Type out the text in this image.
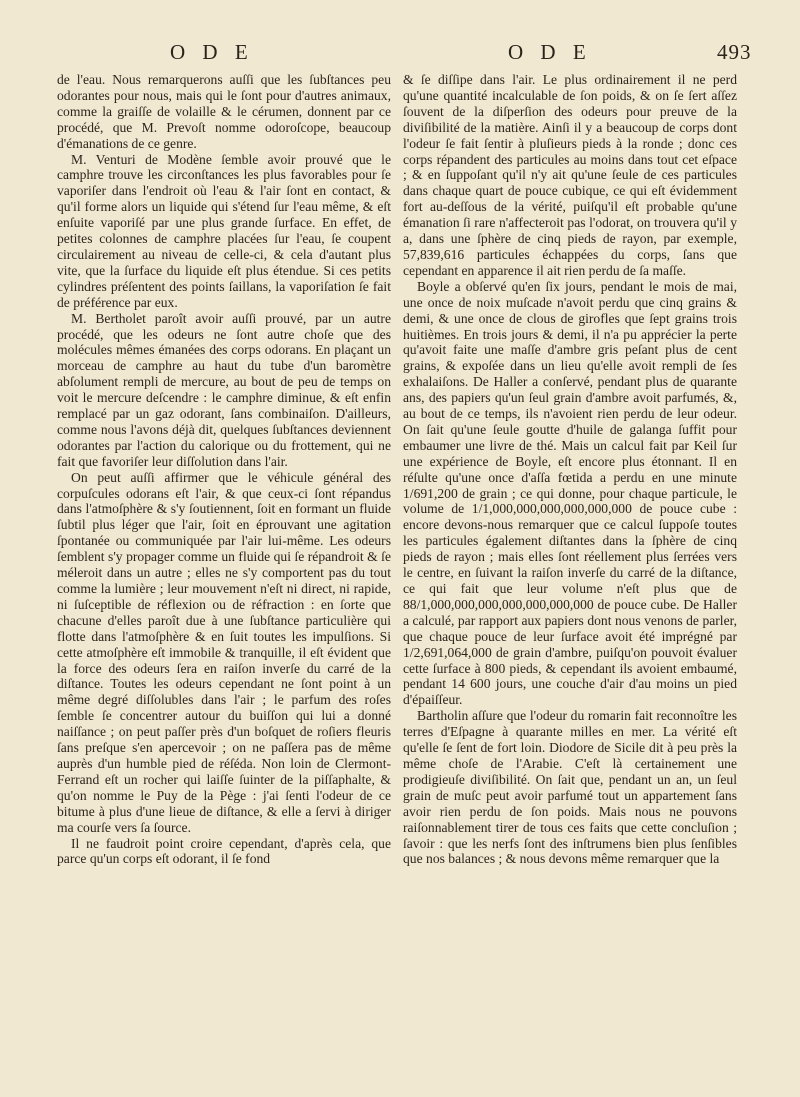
O D E	O D E	493

de l'eau. Nous remarquerons auſſi que les ſubſtances peu odorantes pour nous, mais qui le ſont pour d'autres animaux, comme la graiſſe de volaille & le cérumen, donnent par ce procédé, que M. Prevoſt nomme odoroſcope, beaucoup d'émanations de ce genre.

M. Venturi de Modène ſemble avoir prouvé que le camphre trouve les circonſtances les plus favorables pour ſe vaporiſer dans l'endroit où l'eau & l'air ſont en contact, & qu'il forme alors un liquide qui s'étend ſur l'eau même, & eſt enſuite vaporiſé par une plus grande ſurface. En effet, de petites colonnes de camphre placées ſur l'eau, ſe coupent circulairement au niveau de celle-ci, & cela d'autant plus vite, que la ſurface du liquide eſt plus étendue. Si ces petits cylindres préſentent des points ſaillans, la vaporiſation ſe fait de préférence par eux.

M. Bertholet paroît avoir auſſi prouvé, par un autre procédé, que les odeurs ne ſont autre choſe que des molécules mêmes émanées des corps odorans. En plaçant un morceau de camphre au haut du tube d'un baromètre abſolument rempli de mercure, au bout de peu de temps on voit le mercure deſcendre : le camphre diminue, & eſt enfin remplacé par un gaz odorant, ſans combinaiſon. D'ailleurs, comme nous l'avons déjà dit, quelques ſubſtances deviennent odorantes par l'action du calorique ou du frottement, qui ne fait que favoriſer leur diſſolution dans l'air.

On peut auſſi affirmer que le véhicule général des corpuſcules odorans eſt l'air, & que ceux-ci ſont répandus dans l'atmoſphère & s'y ſoutiennent, ſoit en formant un fluide ſubtil plus léger que l'air, ſoit en éprouvant une agitation ſpontanée ou communiquée par l'air lui-même. Les odeurs ſemblent s'y propager comme un fluide qui ſe répandroit & ſe méleroit dans un autre ; elles ne s'y comportent pas du tout comme la lumière ; leur mouvement n'eſt ni direct, ni rapide, ni ſuſceptible de réflexion ou de réfraction : en ſorte que chacune d'elles paroît due à une ſubſtance particulière qui flotte dans l'atmoſphère & en ſuit toutes les impulſions. Si cette atmoſphère eſt immobile & tranquille, il eſt évident que la force des odeurs ſera en raiſon inverſe du carré de la diſtance. Toutes les odeurs cependant ne ſont point à un même degré diſſolubles dans l'air ; le parfum des roſes ſemble ſe concentrer autour du buiſſon qui lui a donné naiſſance ; on peut paſſer près d'un boſquet de roſiers fleuris ſans preſque s'en apercevoir ; on ne paſſera pas de même auprès d'un humble pied de réſéda. Non loin de Clermont-Ferrand eſt un rocher qui laiſſe ſuinter de la piſſaphalte, & qu'on nomme le Puy de la Pège : j'ai ſenti l'odeur de ce bitume à plus d'une lieue de diſtance, & elle a ſervi à diriger ma courſe vers ſa ſource.

Il ne faudroit point croire cependant, d'après cela, que parce qu'un corps eſt odorant, il ſe fond

& ſe diſſipe dans l'air. Le plus ordinairement il ne perd qu'une quantité incalculable de ſon poids, & on ſe ſert aſſez ſouvent de la diſperſion des odeurs pour preuve de la diviſibilité de la matière. Ainſi il y a beaucoup de corps dont l'odeur ſe fait ſentir à pluſieurs pieds à la ronde ; donc ces corps répandent des particules au moins dans tout cet eſpace ; & en ſuppoſant qu'il n'y ait qu'une ſeule de ces particules dans chaque quart de pouce cubique, ce qui eſt évidemment fort au-deſſous de la vérité, puiſqu'il eſt probable qu'une émanation ſi rare n'affecteroit pas l'odorat, on trouvera qu'il y a, dans une ſphère de cinq pieds de rayon, par exemple, 57,839,616 particules échappées du corps, ſans que cependant en apparence il ait rien perdu de ſa maſſe.

Boyle a obſervé qu'en ſix jours, pendant le mois de mai, une once de noix muſcade n'avoit perdu que cinq grains & demi, & une once de clous de girofles que ſept grains trois huitièmes. En trois jours & demi, il n'a pu apprécier la perte qu'avoit faite une maſſe d'ambre gris peſant plus de cent grains, & expoſée dans un lieu qu'elle avoit rempli de ſes exhalaiſons. De Haller a conſervé, pendant plus de quarante ans, des papiers qu'un ſeul grain d'ambre avoit parfumés, &, au bout de ce temps, ils n'avoient rien perdu de leur odeur. On ſait qu'une ſeule goutte d'huile de galanga ſuffit pour embaumer une livre de thé. Mais un calcul fait par Keil ſur une expérience de Boyle, eſt encore plus étonnant. Il en réſulte qu'une once d'aſſa fœtida a perdu en une minute 1/691,200 de grain ; ce qui donne, pour chaque particule, le volume de 1/1,000,000,000,000,000,000 de pouce cube : encore devons-nous remarquer que ce calcul ſuppoſe toutes les particules également diſtantes dans la ſphère de cinq pieds de rayon ; mais elles ſont réellement plus ſerrées vers le centre, en ſuivant la raiſon inverſe du carré de la diſtance, ce qui fait que leur volume n'eſt plus que de 88/1,000,000,000,000,000,000,000 de pouce cube. De Haller a calculé, par rapport aux papiers dont nous venons de parler, que chaque pouce de leur ſurface avoit été imprégné par 1/2,691,064,000 de grain d'ambre, puiſqu'on pouvoit évaluer cette ſurface à 800 pieds, & cependant ils avoient embaumé, pendant 14 600 jours, une couche d'air d'au moins un pied d'épaiſſeur.

Bartholin aſſure que l'odeur du romarin fait reconnoître les terres d'Eſpagne à quarante milles en mer. La vérité eſt qu'elle ſe ſent de fort loin. Diodore de Sicile dit à peu près la même choſe de l'Arabie. C'eſt là certainement une prodigieuſe diviſibilité. On ſait que, pendant un an, un ſeul grain de muſc peut avoir parfumé tout un appartement ſans avoir rien perdu de ſon poids. Mais nous ne pouvons raiſonnablement tirer de tous ces faits que cette concluſion ; ſavoir : que les nerfs ſont des inſtrumens bien plus ſenſibles que nos balances ; & nous devons même remarquer que la
